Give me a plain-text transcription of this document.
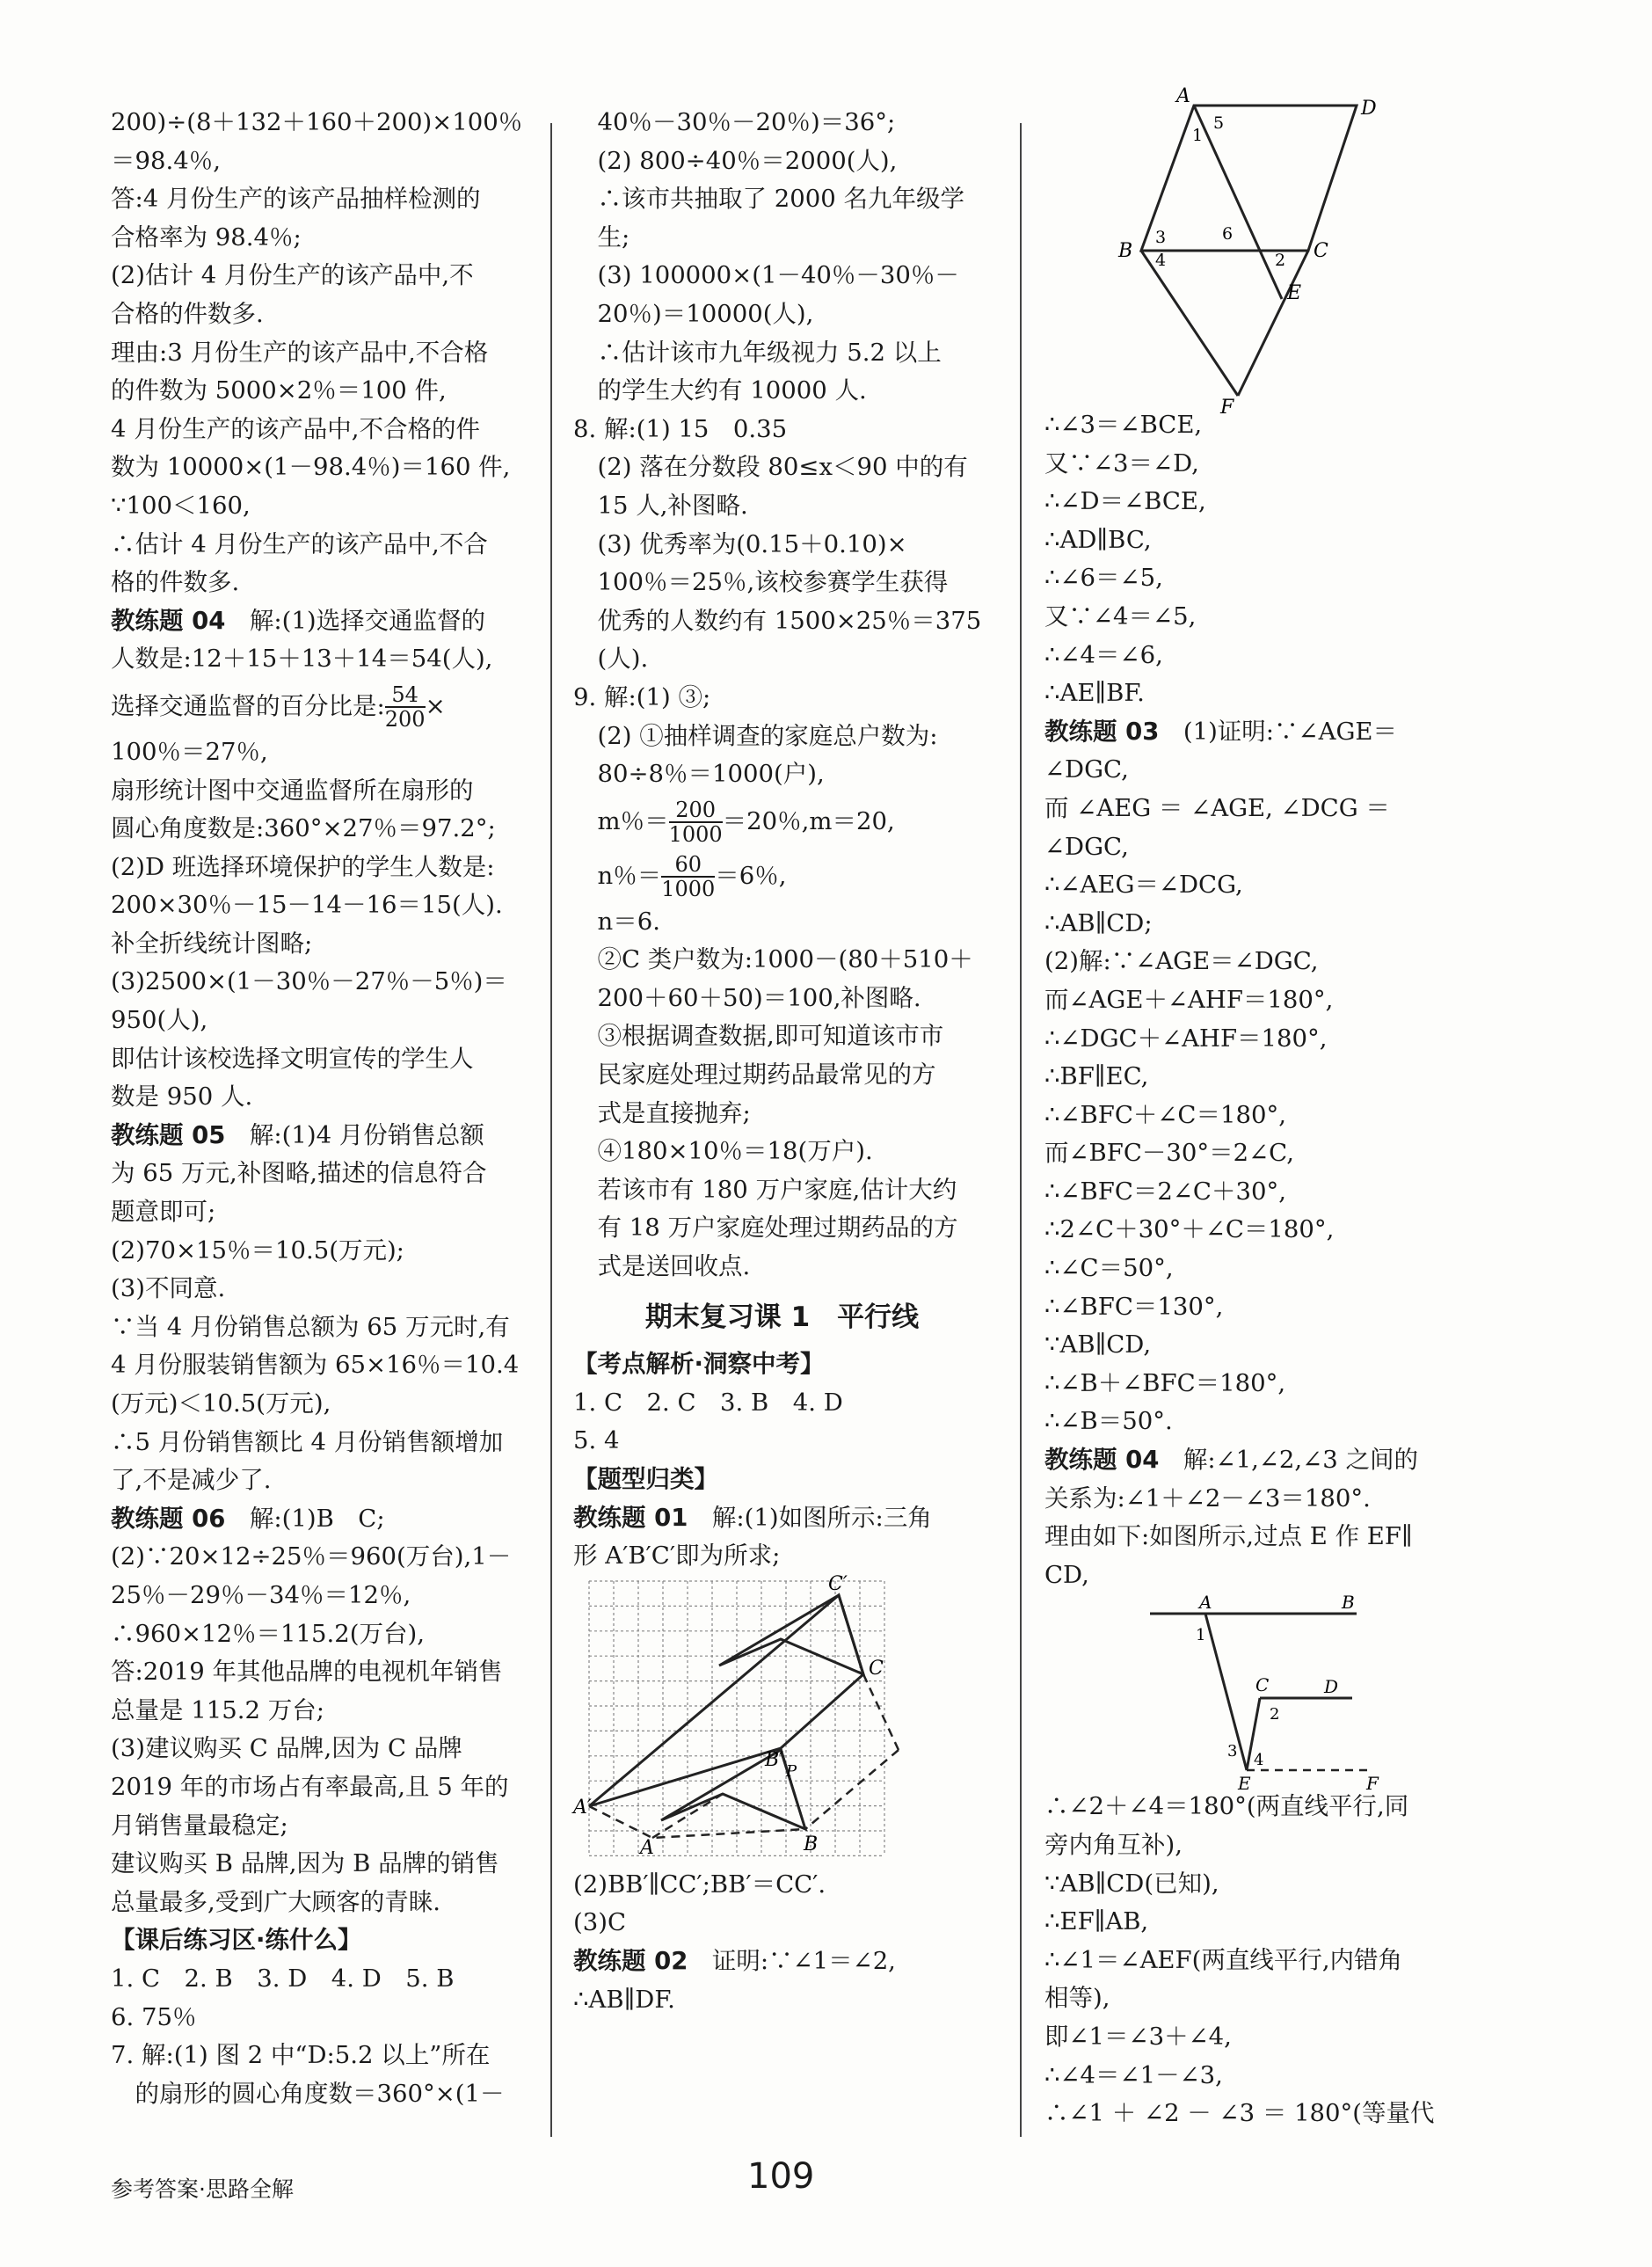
200)÷(8＋132＋160＋200)×100％
＝98.4％,
答:4 月份生产的该产品抽样检测的
合格率为 98.4％;
(2)估计 4 月份生产的该产品中,不
合格的件数多.
理由:3 月份生产的该产品中,不合格
的件数为 5000×2％＝100 件,
4 月份生产的该产品中,不合格的件
数为 10000×(1－98.4％)＝160 件,
∵100＜160,
∴估计 4 月份生产的该产品中,不合
格的件数多.
教练题 04　 解:(1)选择交通监督的
人数是:12＋15＋13＋14＝54(人),
选择交通监督的百分比是: $\frac{54}{200}$ ×
100％＝27％,
扇形统计图中交通监督所在扇形的
圆心角度数是:360°×27％＝97.2°;
(2)D 班选择环境保护的学生人数是:
200×30％－15－14－16＝15(人).
补全折线统计图略;
(3)2500×(1－30％－27％－5％)＝
950(人),
即估计该校选择文明宣传的学生人
数是 950 人.
教练题 05　 解:(1)4 月份销售总额
为 65 万元,补图略,描述的信息符合
题意即可;
(2)70×15％＝10.5(万元);
(3)不同意.
∵当 4 月份销售总额为 65 万元时,有
4 月份服装销售额为 65×16％＝10.4
(万元)＜10.5(万元),
∴5 月份销售额比 4 月份销售额增加
了,不是减少了.
教练题 06　 解:(1)B　C;
(2)∵20×12÷25％＝960(万台),1－
25％－29％－34％＝12％,
∴960×12％＝115.2(万台),
答:2019 年其他品牌的电视机年销售
总量是 115.2 万台;
(3)建议购买 C 品牌,因为 C 品牌
2019 年的市场占有率最高,且 5 年的
月销售量最稳定;
建议购买 B 品牌,因为 B 品牌的销售
总量最多,受到广大顾客的青睐.
【课后练习区·练什么】
1. C　2. B　3. D　4. D　5. B
6. 75％
7. 解:(1) 图 2 中“D:5.2 以上”所在
　的扇形的圆心角度数＝360°×(1－
　40％－30％－20％)＝36°;
　(2) 800÷40％＝2000(人),
　∴该市共抽取了 2000 名九年级学
　生;
　(3) 100000×(1－40％－30％－
　20％)＝10000(人),
　∴估计该市九年级视力 5.2 以上
　的学生大约有 10000 人.
8. 解:(1) 15　0.35
　(2) 落在分数段 80≤x＜90 中的有
　15 人,补图略.
　(3) 优秀率为(0.15＋0.10)×
　100％＝25％,该校参赛学生获得
　优秀的人数约有 1500×25％＝375
　(人).
9. 解:(1) ③;
　(2) ①抽样调查的家庭总户数为:
　80÷8％＝1000(户),
　m％＝ $\frac{200}{1000} =20$％,m＝20,
　n％＝ $\frac{60}{1000} =6$％,
　n＝6.
　②C 类户数为:1000－(80＋510＋
　200＋60＋50)＝100,补图略.
　③根据调查数据,即可知道该市市
　民家庭处理过期药品最常见的方
　式是直接抛弃;
　④180×10％＝18(万户).
　若该市有 180 万户家庭,估计大约
　有 18 万户家庭处理过期药品的方
　式是送回收点.
期末复习课 1　平行线
【考点解析·洞察中考】
1. C　2. C　3. B　4. D
5. 4
【题型归类】
教练题 01　 解:(1)如图所示:三角
形 A′B′C′即为所求;
C′
C
A′
B′
P
A	B
(2)BB′∥CC′;BB′＝CC′.
(3)C
教练题 02　 证明:∵∠1＝∠2,
∴AB∥DF.
A
D
B	C
E
F
1
5
3
4
6
2
∴∠3＝∠BCE,
又∵∠3＝∠D,
∴∠D＝∠BCE,
∴AD∥BC,
∴∠6＝∠5,
又∵∠4＝∠5,
∴∠4＝∠6,
∴AE∥BF.
教练题 03　 (1)证明:∵∠AGE＝
∠DGC,
而 ∠AEG ＝ ∠AGE, ∠DCG ＝
∠DGC,
∴∠AEG＝∠DCG,
∴AB∥CD;
(2)解:∵∠AGE＝∠DGC,
而∠AGE＋∠AHF＝180°,
∴∠DGC＋∠AHF＝180°,
∴BF∥EC,
∴∠BFC＋∠C＝180°,
而∠BFC－30°＝2∠C,
∴∠BFC＝2∠C＋30°,
∴2∠C＋30°＋∠C＝180°,
∴∠C＝50°,
∴∠BFC＝130°,
∵AB∥CD,
∴∠B＋∠BFC＝180°,
∴∠B＝50°.
教练题 04　 解:∠1,∠2,∠3 之间的
关系为:∠1＋∠2－∠3＝180°.
理由如下:如图所示,过点 E 作 EF∥
CD,
A	B
C	D
E	F
1
2
3 4
∴∠2＋∠4＝180°(两直线平行,同
旁内角互补),
∵AB∥CD(已知),
∴EF∥AB,
∴∠1＝∠AEF(两直线平行,内错角
相等),
即∠1＝∠3＋∠4,
∴∠4＝∠1－∠3,
∴∠1 ＋ ∠2 － ∠3 ＝ 180°(等量代
参考答案·思路全解	109
